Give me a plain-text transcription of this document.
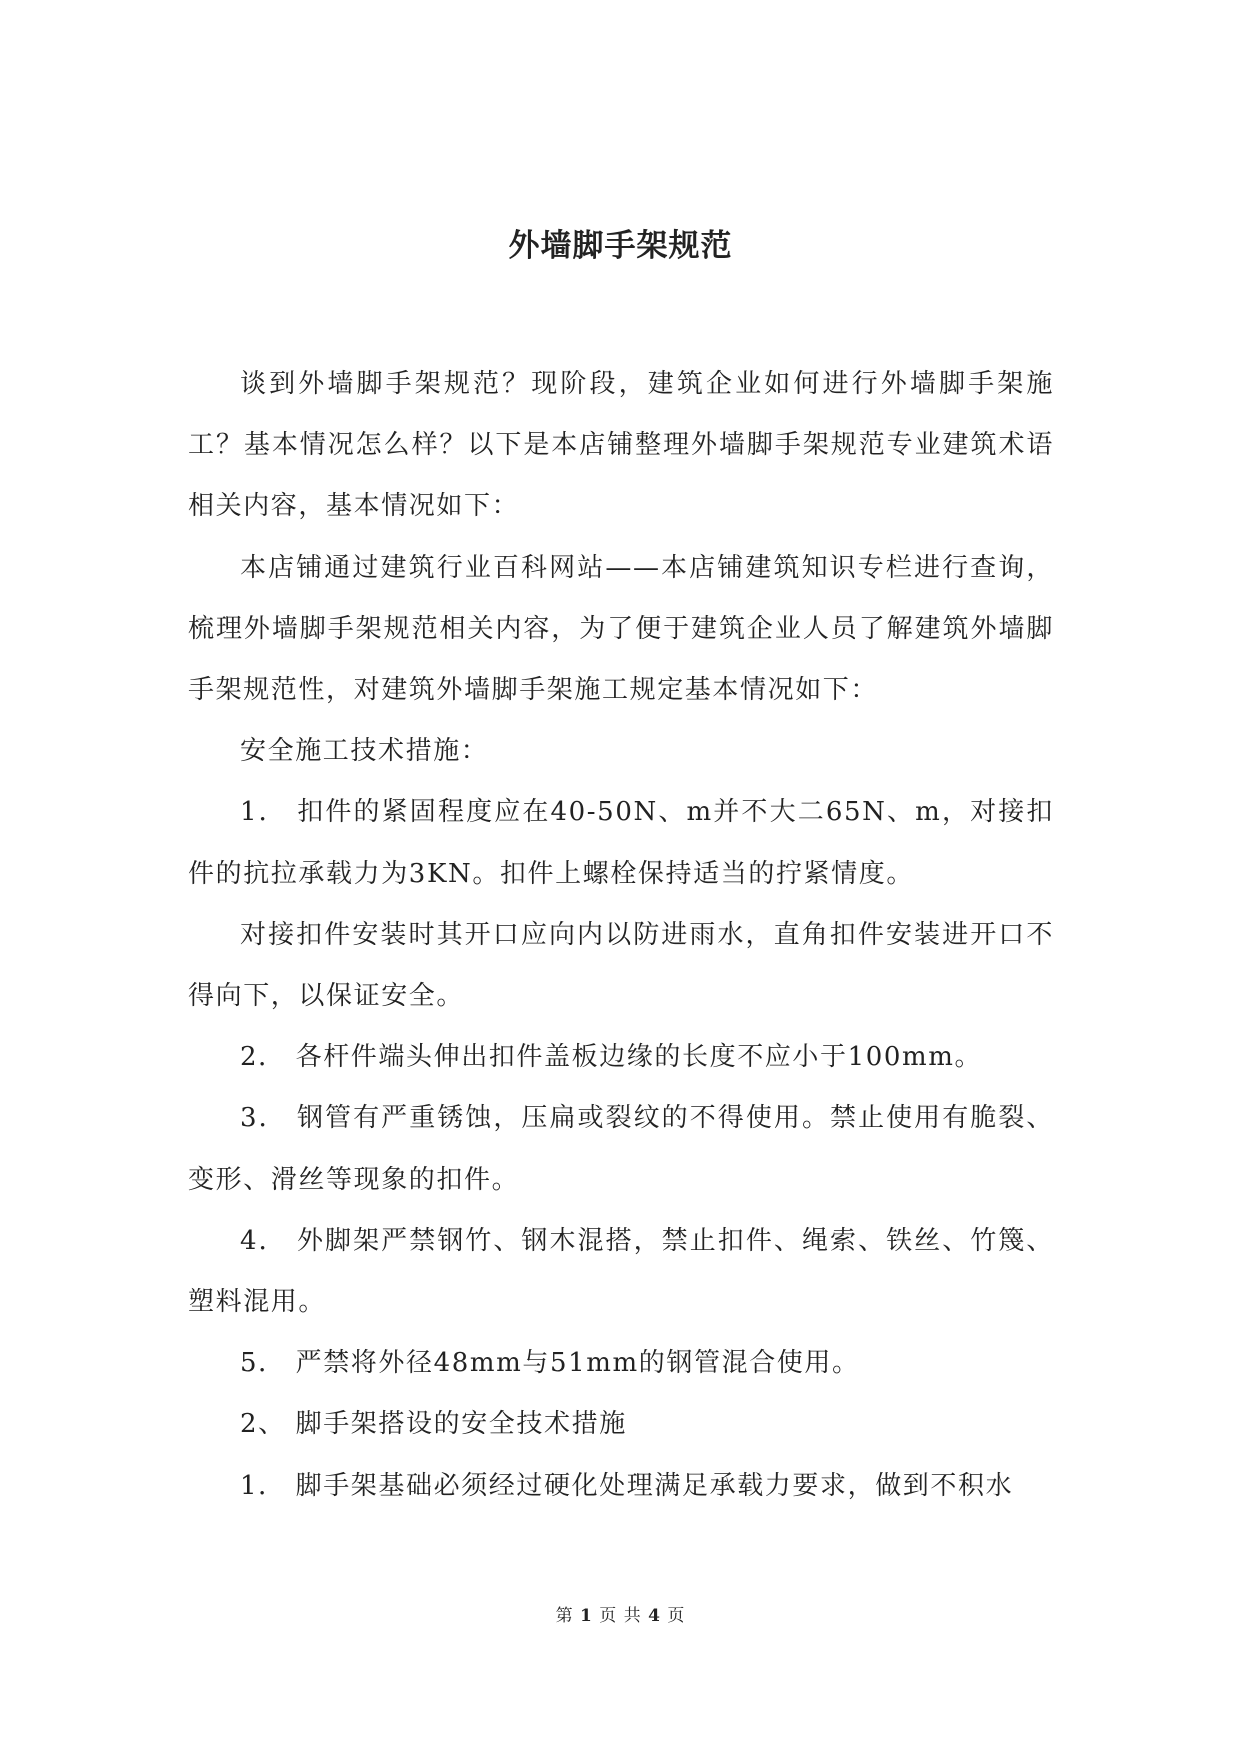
外墙脚手架规范

谈到外墙脚手架规范？现阶段，建筑企业如何进行外墙脚手架施工？基本情况怎么样？以下是本店铺整理外墙脚手架规范专业建筑术语相关内容，基本情况如下：

本店铺通过建筑行业百科网站——本店铺建筑知识专栏进行查询，梳理外墙脚手架规范相关内容，为了便于建筑企业人员了解建筑外墙脚手架规范性，对建筑外墙脚手架施工规定基本情况如下：

安全施工技术措施：

1． 扣件的紧固程度应在40-50N、m并不大二65N、m，对接扣件的抗拉承载力为3KN。扣件上螺栓保持适当的拧紧情度。

对接扣件安装时其开口应向内以防进雨水，直角扣件安装进开口不得向下，以保证安全。

2． 各杆件端头伸出扣件盖板边缘的长度不应小于100mm。

3． 钢管有严重锈蚀，压扁或裂纹的不得使用。禁止使用有脆裂、变形、滑丝等现象的扣件。

4． 外脚架严禁钢竹、钢木混搭，禁止扣件、绳索、铁丝、竹篾、塑料混用。

5． 严禁将外径48mm与51mm的钢管混合使用。

2、 脚手架搭设的安全技术措施

1． 脚手架基础必须经过硬化处理满足承载力要求，做到不积水

第 1 页 共 4 页
